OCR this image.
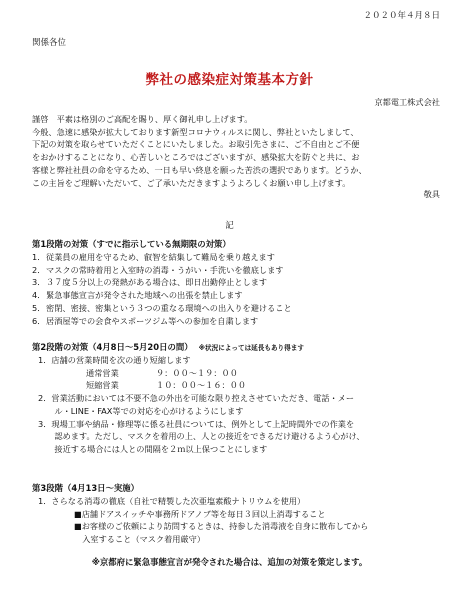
２０２０年４月８日
関係各位
弊社の感染症対策基本方針
京都電工株式会社

謹啓　平素は格別のご高配を賜り、厚く御礼申し上げます。

今般、急速に感染が拡大しております新型コロナウィルスに関し、弊社といたしまして、

下記の対策を取らせていただくことにいたしました。お取引先さまに、ご不自由とご不便

をおかけすることになり、心苦しいところではございますが、感染拡大を防ぐと共に、お

客様と弊社社員の命を守るため、一日も早い終息を願った苦渋の選択であります。どうか、

この主旨をご理解いただいて、ご了承いただきますようよろしくお願い申し上げます。

敬具
記
第1段階の対策（すでに指示している無期限の対策）
1．従業員の雇用を守るため、叡智を結集して難局を乗り越えます
2．マスクの常時着用と入室時の消毒・うがい・手洗いを徹底します
3．３７度５分以上の発熱がある場合は、即日出勤停止とします
4．緊急事態宣言が発令された地域への出張を禁止します
5．密閉、密接、密集という３つの重なる環境への出入りを避けること
6．居酒屋等での会食やスポーツジム等への参加を自粛します
第2段階の対策（4月8日～5月20日の間） ※状況によっては延長もあり得ます
1．店舗の営業時間を次の通り短縮します
通常営業	９：００～１９：００
短縮営業	１０：００～１６：００
2．営業活動においては不要不急の外出を可能な限り控えさせていただき、電話・メー
　　ル・LINE・FAX等での対応を心がけるようにします
3．現場工事や納品・修理等に係る社員については、例外として上記時間外での作業を
　　認めます。ただし、マスクを着用の上、人との接近をできるだけ避けるよう心がけ、
　　接近する場合には人との間隔を２ｍ以上保つことにします
第3段階（4月13日～実施）
1．さらなる消毒の徹底（自社で精製した次亜塩素酸ナトリウムを使用）
■店舗ドアスイッチや事務所ドアノブ等を毎日３回以上消毒すること
■お客様のご依頼により訪問するときは、持参した消毒液を自身に散布してから
　入室すること（マスク着用厳守）
※京都府に緊急事態宣言が発令された場合は、追加の対策を策定します。
